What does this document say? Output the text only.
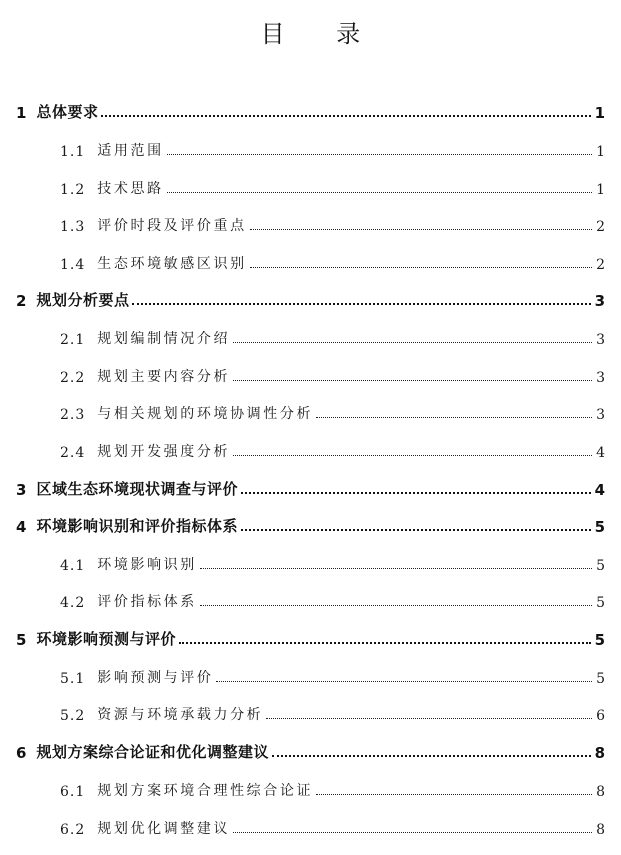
目 录
1 总体要求	1
1.1 适用范围	1
1.2 技术思路	1
1.3 评价时段及评价重点	2
1.4 生态环境敏感区识别	2
2 规划分析要点	3
2.1 规划编制情况介绍	3
2.2 规划主要内容分析	3
2.3 与相关规划的环境协调性分析	3
2.4 规划开发强度分析	4
3 区域生态环境现状调查与评价	4
4 环境影响识别和评价指标体系	5
4.1 环境影响识别	5
4.2 评价指标体系	5
5 环境影响预测与评价	5
5.1 影响预测与评价	5
5.2 资源与环境承载力分析	6
6 规划方案综合论证和优化调整建议	8
6.1 规划方案环境合理性综合论证	8
6.2 规划优化调整建议	8
